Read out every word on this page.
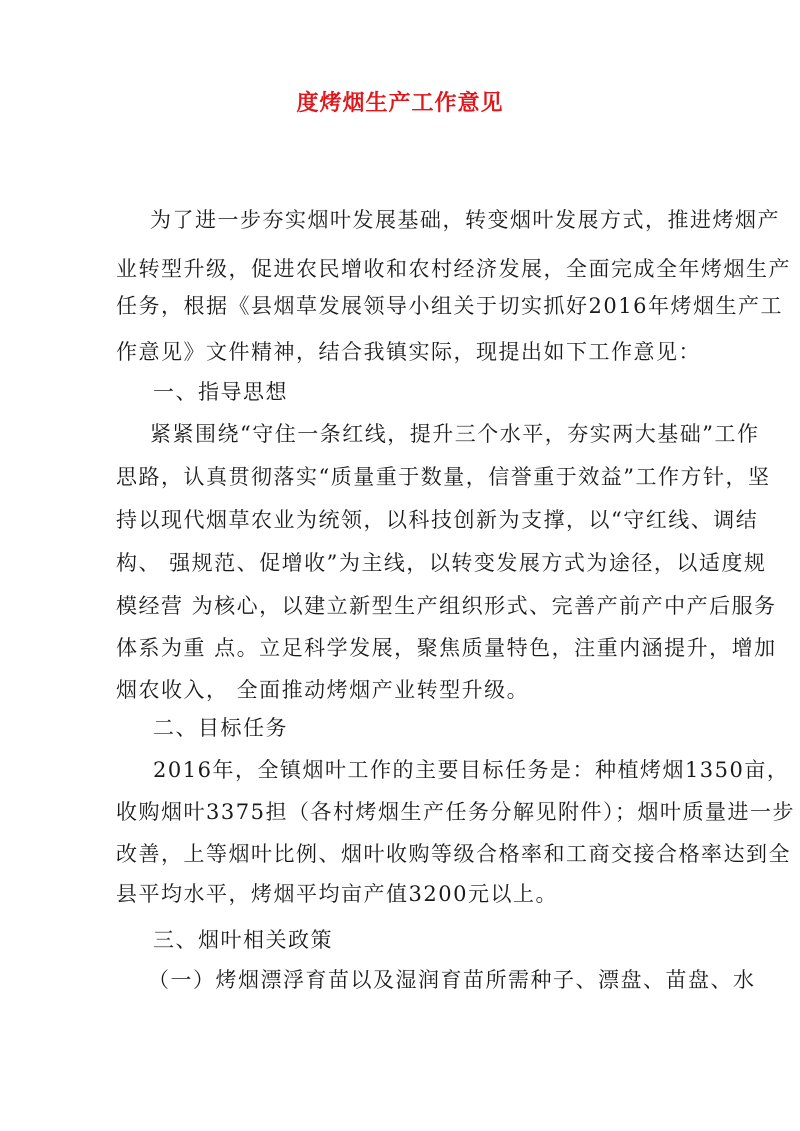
度烤烟生产工作意见
为了进一步夯实烟叶发展基础，转变烟叶发展方式，推进烤烟产
业转型升级，促进农民增收和农村经济发展，全面完成全年烤烟生产
任务，根据《县烟草发展领导小组关于切实抓好2016年烤烟生产工
作意见》文件精神，结合我镇实际，现提出如下工作意见：
一、指导思想
紧紧围绕“守住一条红线，提升三个水平，夯实两大基础”工作
思路，认真贯彻落实“质量重于数量，信誉重于效益”工作方针，坚
持以现代烟草农业为统领，以科技创新为支撑，以“守红线、调结
构、 强规范、促增收”为主线，以转变发展方式为途径，以适度规
模经营 为核心，以建立新型生产组织形式、完善产前产中产后服务
体系为重 点。立足科学发展，聚焦质量特色，注重内涵提升，增加
烟农收入， 全面推动烤烟产业转型升级。
二、目标任务
2016年，全镇烟叶工作的主要目标任务是：种植烤烟1350亩，
收购烟叶3375担（各村烤烟生产任务分解见附件）；烟叶质量进一步
改善，上等烟叶比例、烟叶收购等级合格率和工商交接合格率达到全
县平均水平，烤烟平均亩产值3200元以上。
三、烟叶相关政策
（一）烤烟漂浮育苗以及湿润育苗所需种子、漂盘、苗盘、水
